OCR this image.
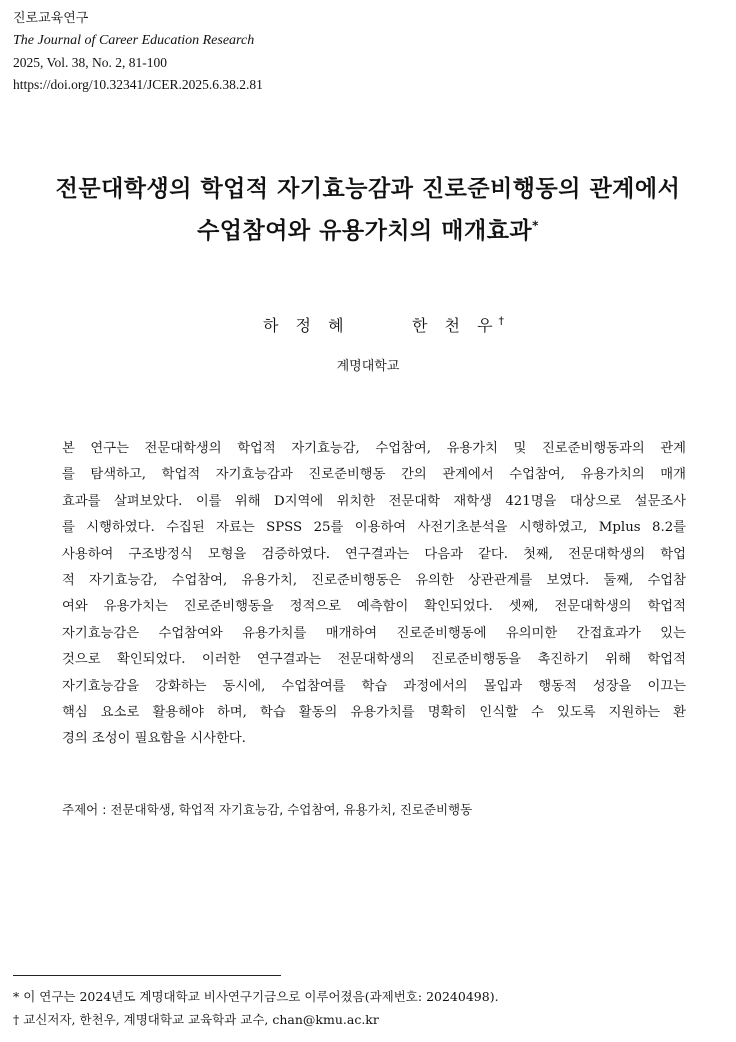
진로교육연구
The Journal of Career Education Research
2025, Vol. 38, No. 2, 81-100
https://doi.org/10.32341/JCER.2025.6.38.2.81
전문대학생의 학업적 자기효능감과 진로준비행동의 관계에서
수업참여와 유용가치의 매개효과*
하 정 혜	한 천 우†
계명대학교
본 연구는 전문대학생의 학업적 자기효능감, 수업참여, 유용가치 및 진로준비행동과의 관계
를 탐색하고, 학업적 자기효능감과 진로준비행동 간의 관계에서 수업참여, 유용가치의 매개
효과를 살펴보았다. 이를 위해 D지역에 위치한 전문대학 재학생 421명을 대상으로 설문조사
를 시행하였다. 수집된 자료는 SPSS 25를 이용하여 사전기초분석을 시행하였고, Mplus 8.2를
사용하여 구조방정식 모형을 검증하였다. 연구결과는 다음과 같다. 첫째, 전문대학생의 학업
적 자기효능감, 수업참여, 유용가치, 진로준비행동은 유의한 상관관계를 보였다. 둘째, 수업참
여와 유용가치는 진로준비행동을 정적으로 예측함이 확인되었다. 셋째, 전문대학생의 학업적
자기효능감은 수업참여와 유용가치를 매개하여 진로준비행동에 유의미한 간접효과가 있는
것으로 확인되었다. 이러한 연구결과는 전문대학생의 진로준비행동을 촉진하기 위해 학업적
자기효능감을 강화하는 동시에, 수업참여를 학습 과정에서의 몰입과 행동적 성장을 이끄는
핵심 요소로 활용해야 하며, 학습 활동의 유용가치를 명확히 인식할 수 있도록 지원하는 환
경의 조성이 필요함을 시사한다.
주제어 : 전문대학생, 학업적 자기효능감, 수업참여, 유용가치, 진로준비행동
* 이 연구는 2024년도 계명대학교 비사연구기금으로 이루어졌음(과제번호: 20240498).
† 교신저자, 한천우, 계명대학교 교육학과 교수, chan@kmu.ac.kr
